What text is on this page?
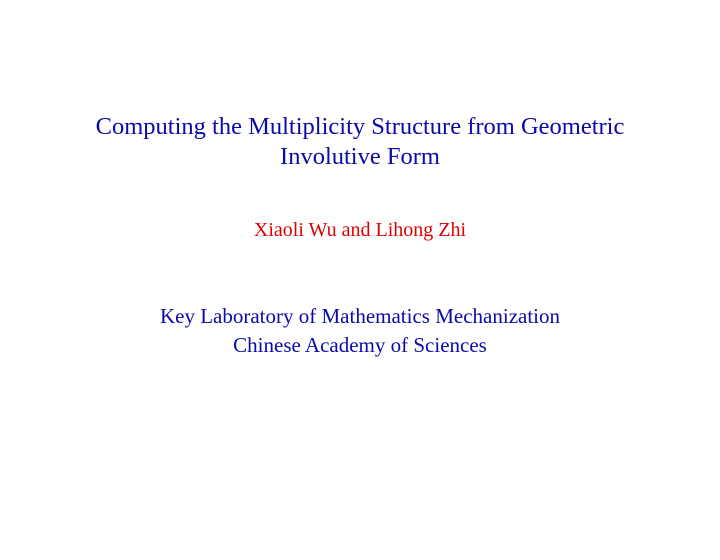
Computing the Multiplicity Structure from Geometric
Involutive Form
Xiaoli Wu and Lihong Zhi
Key Laboratory of Mathematics Mechanization
Chinese Academy of Sciences
